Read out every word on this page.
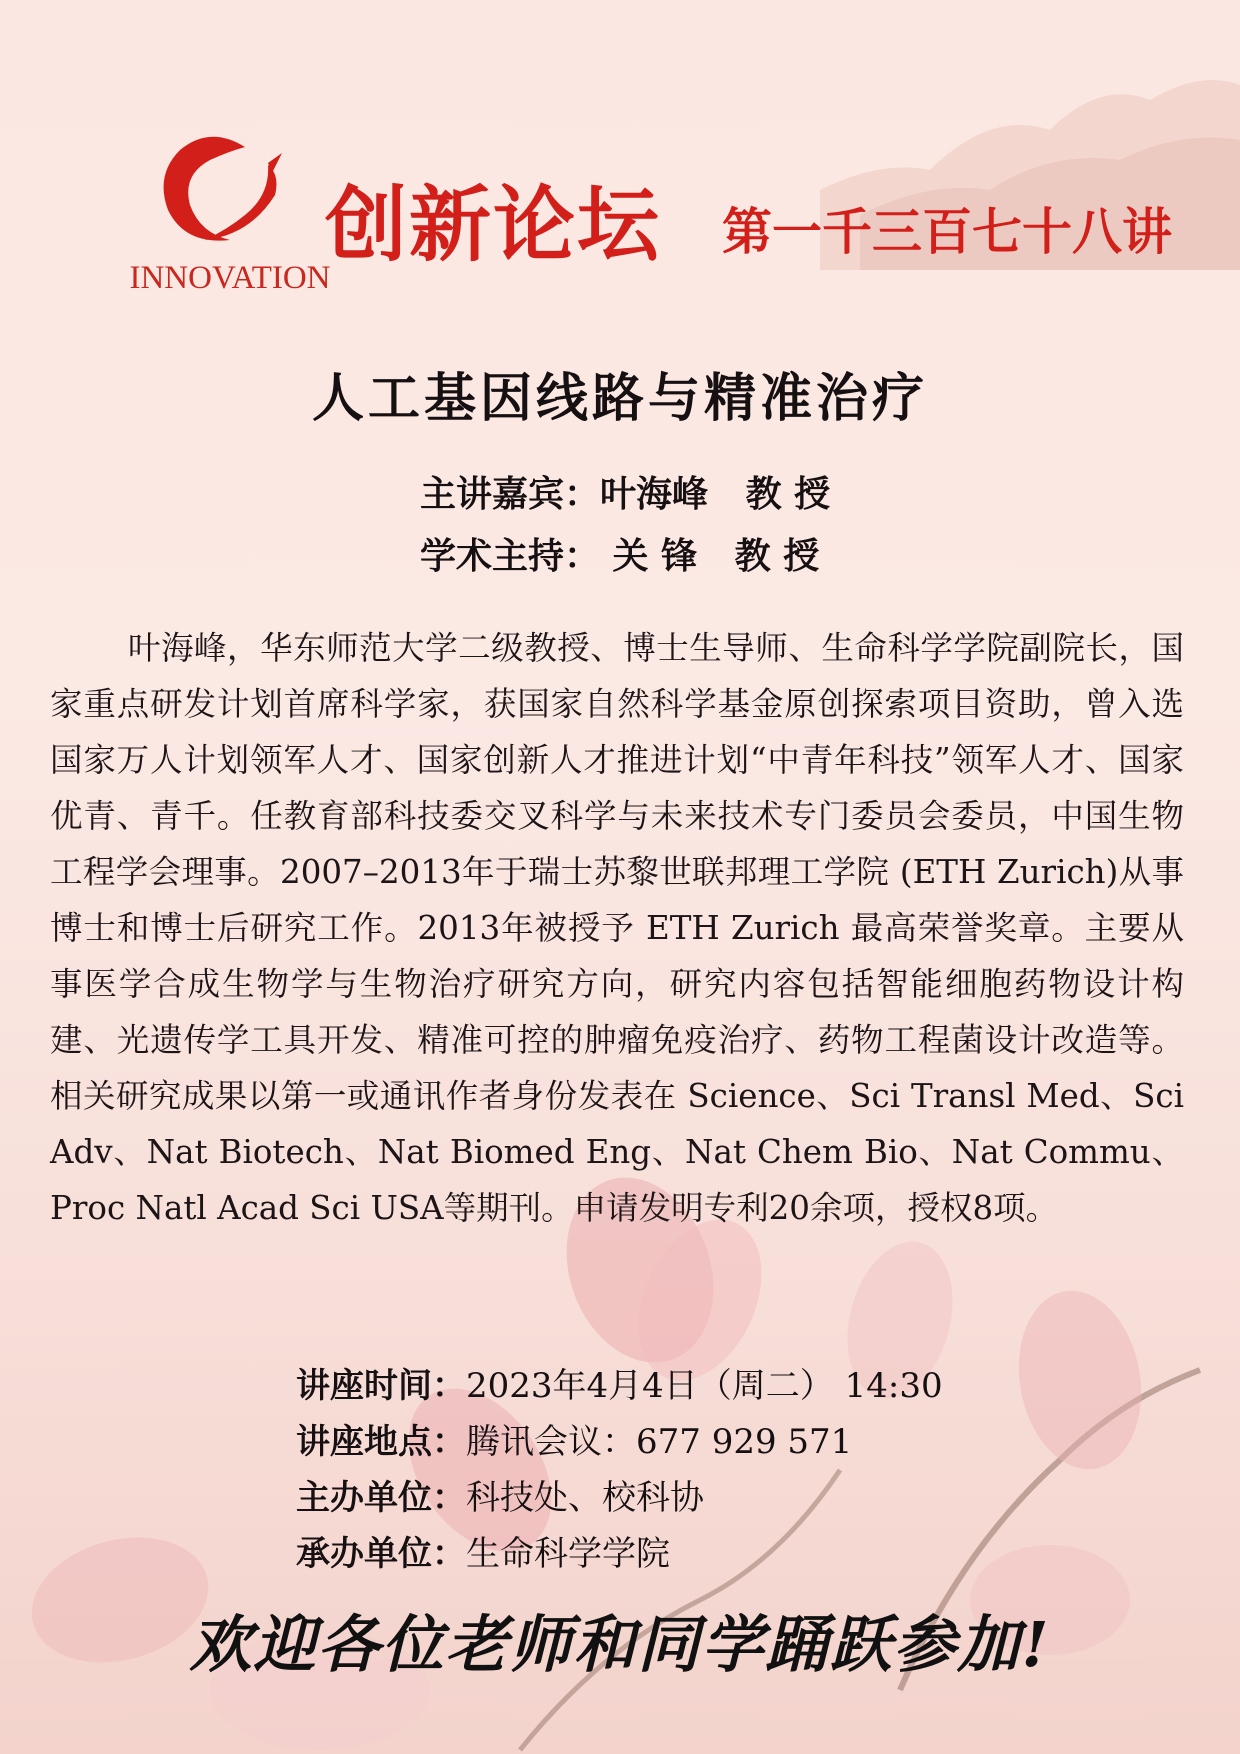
INNOVATION
创新论坛 第一千三百七十八讲
人工基因线路与精准治疗
主讲嘉宾：叶海峰   教 授
学术主持： 关 锋   教 授
叶海峰，华东师范大学二级教授、博士生导师、生命科学学院副院长，国家重点研发计划首席科学家，获国家自然科学基金原创探索项目资助，曾入选国家万人计划领军人才、国家创新人才推进计划“中青年科技”领军人才、国家优青、青千。任教育部科技委交叉科学与未来技术专门委员会委员，中国生物工程学会理事。2007–2013年于瑞士苏黎世联邦理工学院 (ETH Zurich)从事博士和博士后研究工作。2013年被授予 ETH Zurich 最高荣誉奖章。主要从事医学合成生物学与生物治疗研究方向，研究内容包括智能细胞药物设计构建、光遗传学工具开发、精准可控的肿瘤免疫治疗、药物工程菌设计改造等。相关研究成果以第一或通讯作者身份发表在 Science、Sci Transl Med、Sci Adv、Nat Biotech、Nat Biomed Eng、Nat Chem Bio、Nat Commu、Proc Natl Acad Sci USA等期刊。申请发明专利20余项，授权8项。
讲座时间：2023年4月4日（周二） 14:30
讲座地点：腾讯会议：677 929 571
主办单位：科技处、校科协
承办单位：生命科学学院
欢迎各位老师和同学踊跃参加!
